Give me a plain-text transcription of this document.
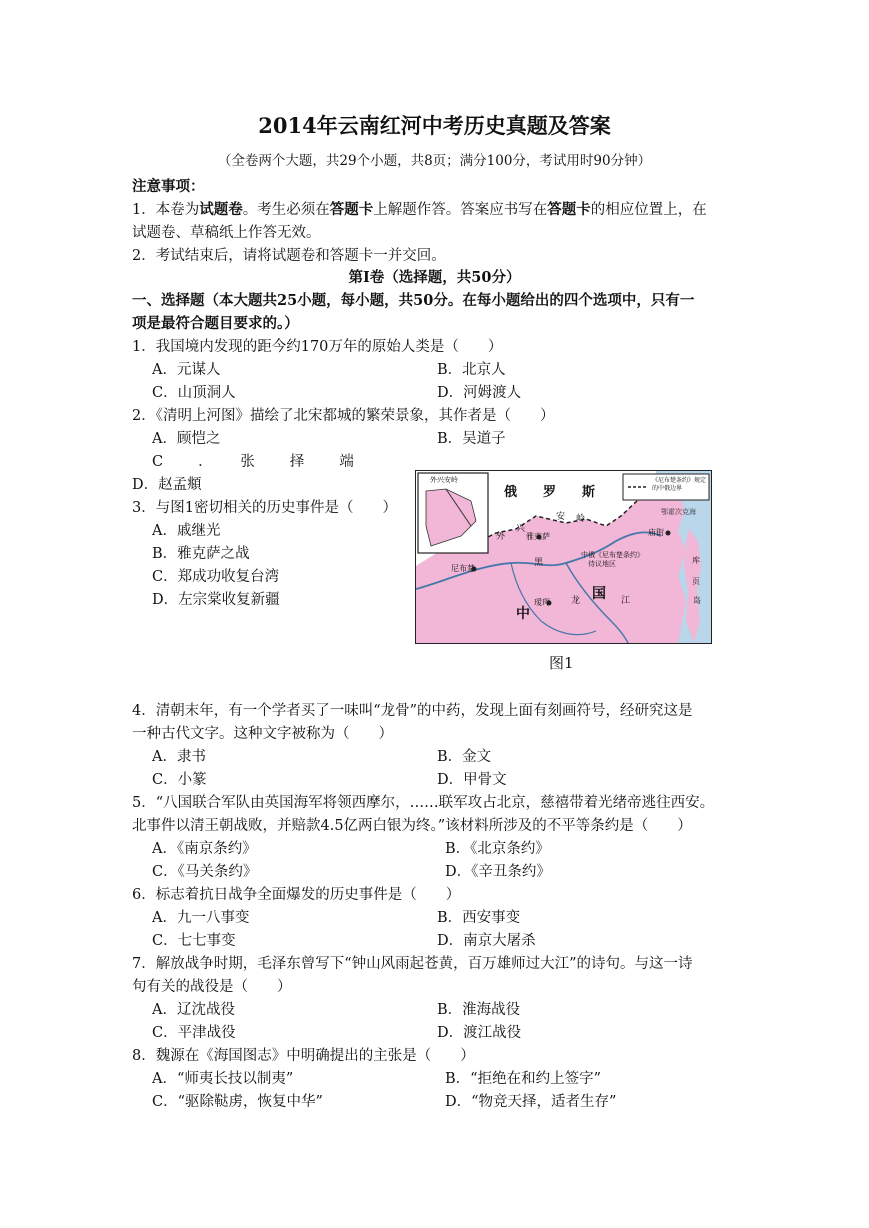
2014年云南红河中考历史真题及答案
（全卷两个大题，共29个小题，共8页；满分100分，考试用时90分钟）
注意事项：
1．本卷为试题卷。考生必须在答题卡上解题作答。答案应书写在答题卡的相应位置上，在
试题卷、草稿纸上作答无效。
2．考试结束后，请将试题卷和答题卡一并交回。
第Ⅰ卷（选择题，共50分）
一、选择题（本大题共25小题，每小题，共50分。在每小题给出的四个选项中，只有一
项是最符合题目要求的。）
1．我国境内发现的距今约170万年的原始人类是（　　）
A．元谋人	B．北京人
C．山顶洞人	D．河姆渡人
2．《清明上河图》描绘了北宋都城的繁荣景象，其作者是（　　）
A．顾恺之	B．吴道子
C　　．　　张　　择　　端
D．赵孟頫
3．与图1密切相关的历史事件是（　　）
A．戚继光
B．雅克萨之战
C．郑成功收复台湾
D．左宗棠收复新疆
俄　　罗　　斯
中
国
雅克萨
尼布楚
瑷珲
庙街
中俄《尼布楚条约》
待议地区
外
兴
安 岭
黑
龙	江
库
页
岛
外兴安岭	《尼布楚条约》规定的中俄边界
鄂霍次克海
图1
4．清朝末年，有一个学者买了一味叫“龙骨”的中药，发现上面有刻画符号，经研究这是
一种古代文字。这种文字被称为（　　）
A．隶书	B．金文
C．小篆	D．甲骨文
5．“八国联合军队由英国海军将领西摩尔，……联军攻占北京，慈禧带着光绪帝逃往西安。
北事件以清王朝战败，并赔款4.5亿两白银为终。”该材料所涉及的不平等条约是（　　）
A．《南京条约》	B．《北京条约》
C．《马关条约》	D．《辛丑条约》
6．标志着抗日战争全面爆发的历史事件是（　　）
A．九一八事变	B．西安事变
C．七七事变	D．南京大屠杀
7．解放战争时期，毛泽东曾写下“钟山风雨起苍黄，百万雄师过大江”的诗句。与这一诗
句有关的战役是（　　）
A．辽沈战役	B．淮海战役
C．平津战役	D．渡江战役
8．魏源在《海国图志》中明确提出的主张是（　　）
A．“师夷长技以制夷”	B．“拒绝在和约上签字”
C．“驱除鞑虏，恢复中华”	D．“物竞天择，适者生存”
